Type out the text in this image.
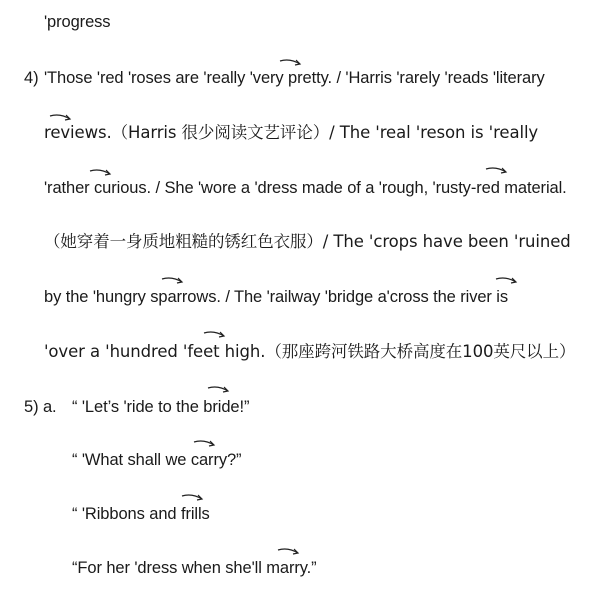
'progress
4) 'Those 'red 'roses are 'really 'very pretty. / 'Harris 'rarely 'reads 'literary
reviews.（Harris 很少阅读文艺评论）/ The 'real 'reson is 'really
'rather curious. / She 'wore a 'dress made of a 'rough, 'rusty-red material.
（她穿着一身质地粗糙的锈红色衣服）/ The 'crops have been 'ruined
by the 'hungry sparrows. / The 'railway 'bridge a'cross the river is
'over a 'hundred 'feet high.（那座跨河铁路大桥高度在100英尺以上）
5) a. “ 'Let’s 'ride to the bride!”
“ 'What shall we carry?”
“ 'Ribbons and frills
“For her 'dress when she'll marry.”
